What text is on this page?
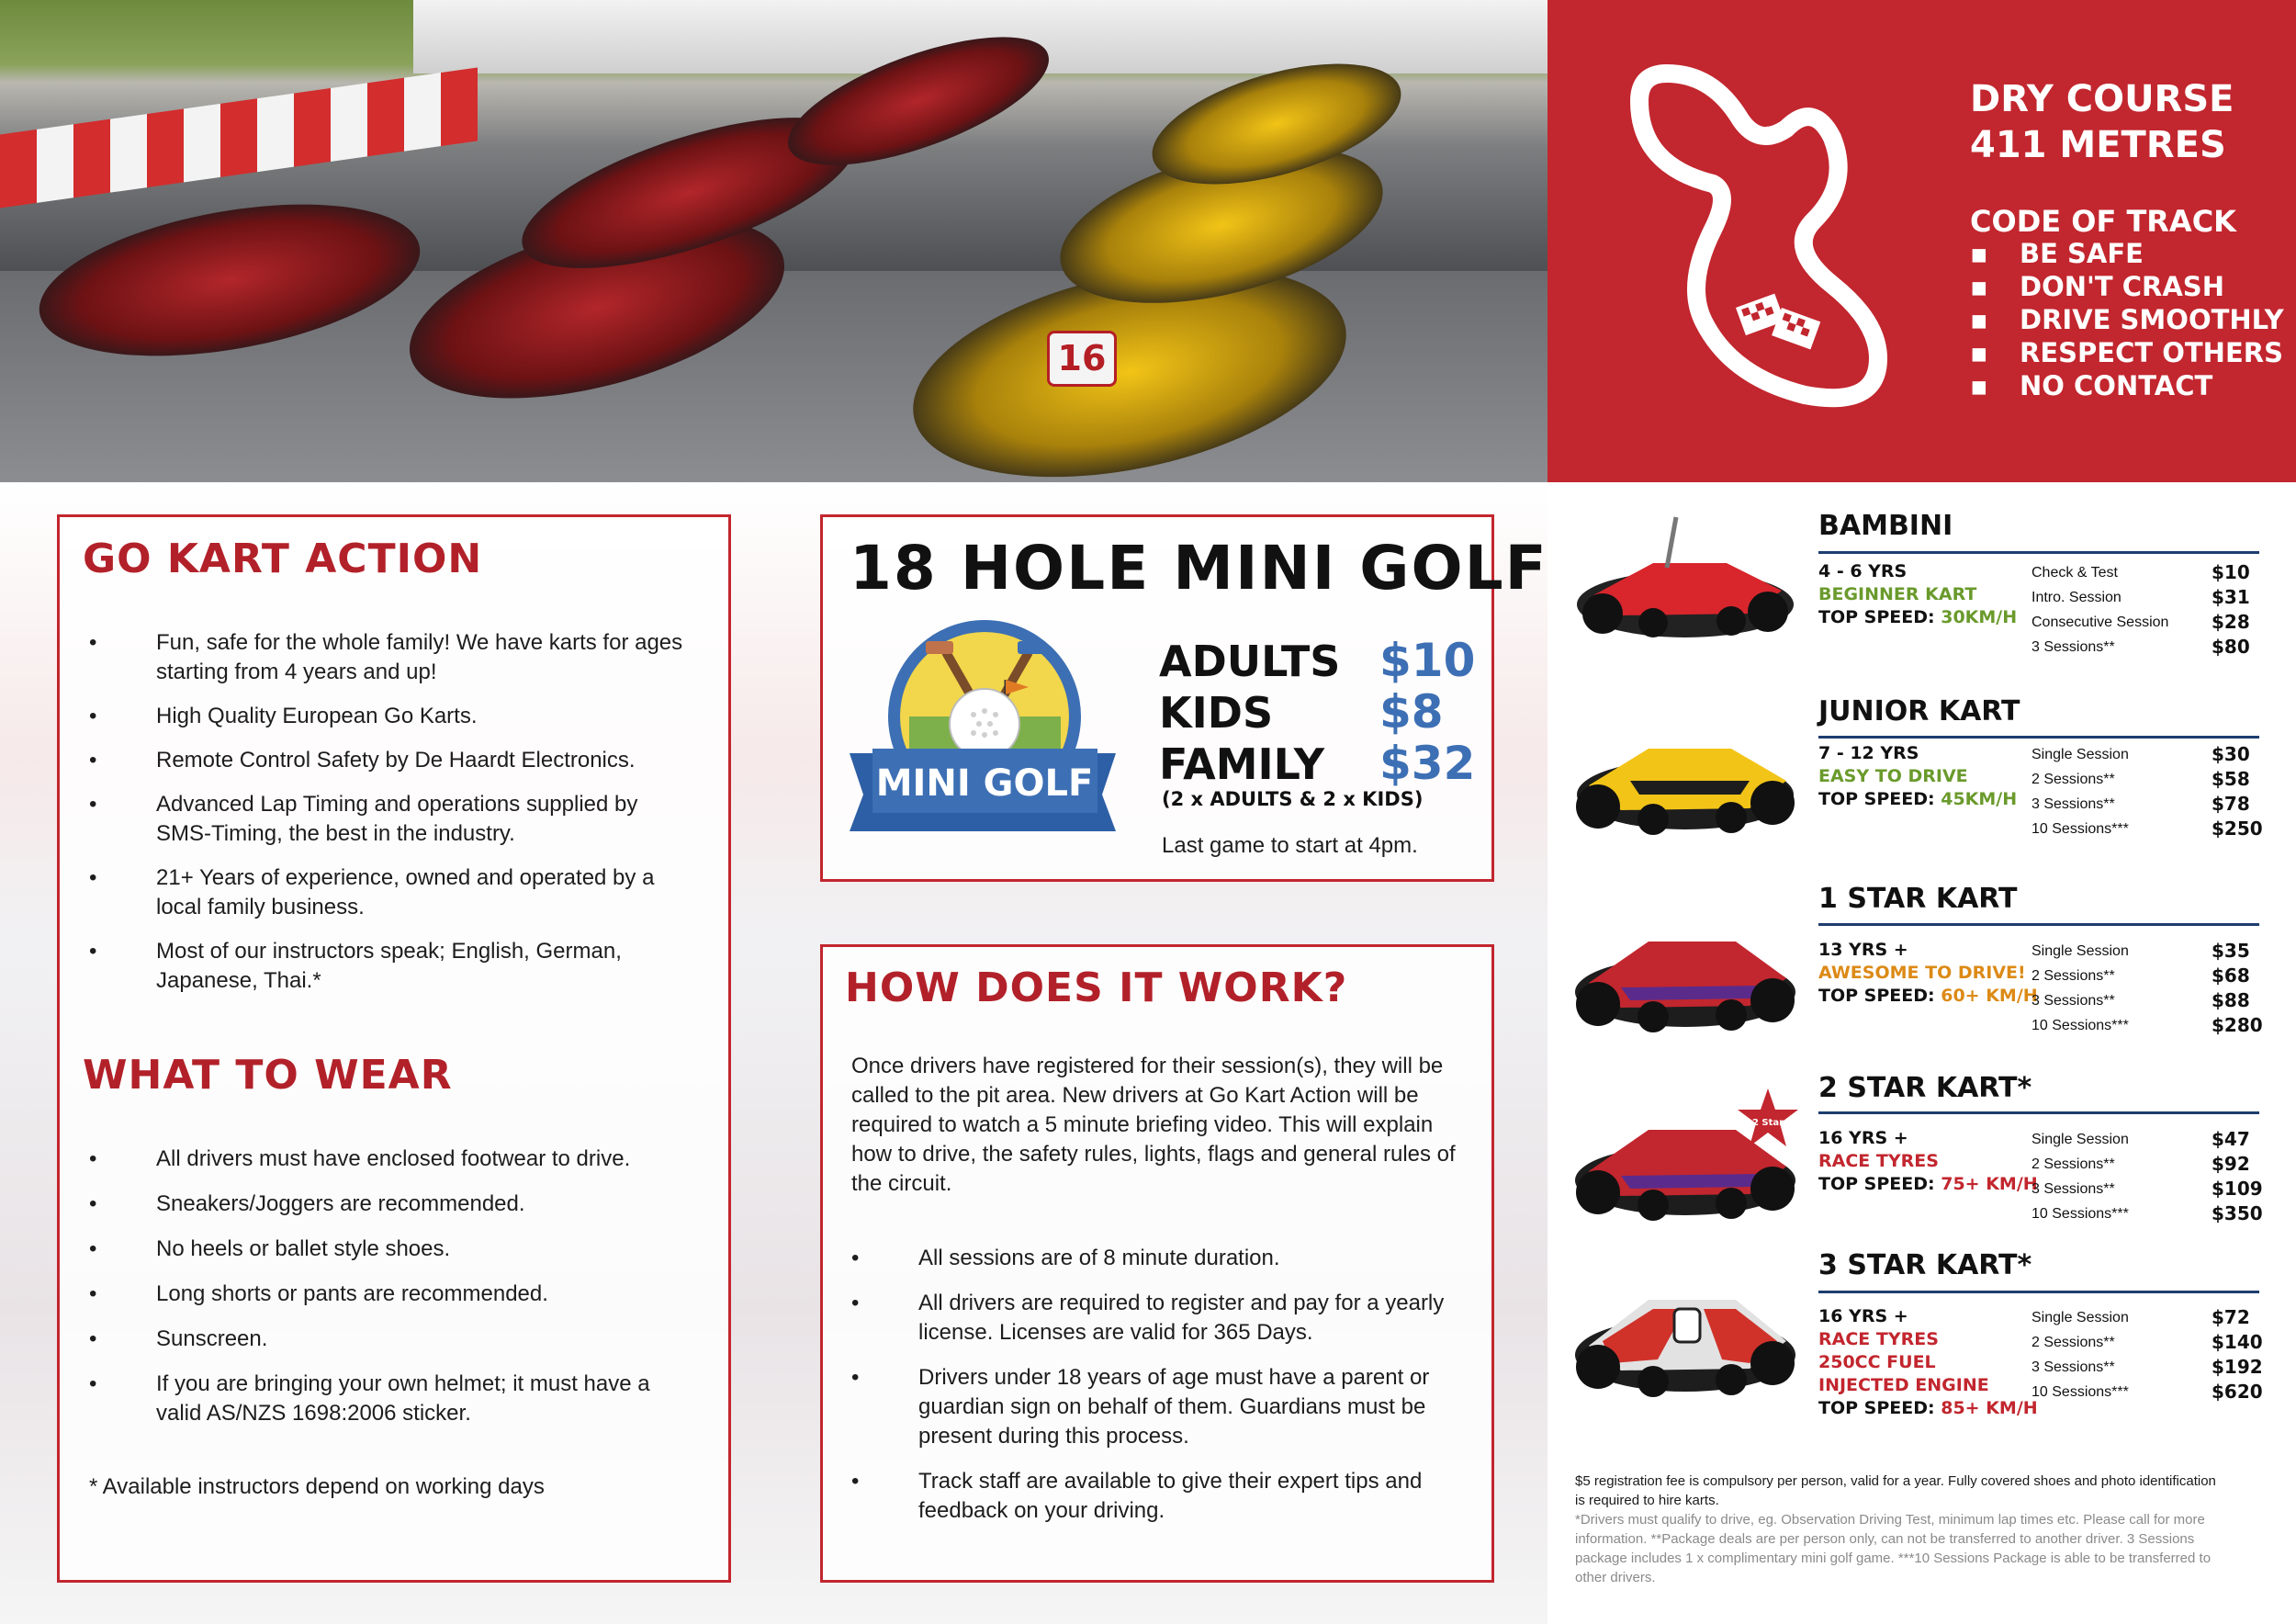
16
DRY COURSE
411 METRES
CODE OF TRACK
▪ BE SAFE
▪ DON'T CRASH
▪ DRIVE SMOOTHLY
▪ RESPECT OTHERS
▪ NO CONTACT
GO KART ACTION
• Fun, safe for the whole family! We have karts for ages starting from 4 years and up!
• High Quality European Go Karts.
• Remote Control Safety by De Haardt Electronics.
• Advanced Lap Timing and operations supplied by SMS-Timing, the best in the industry.
• 21+ Years of experience, owned and operated by a local family business.
• Most of our instructors speak; English, German, Japanese, Thai.*
WHAT TO WEAR
• All drivers must have enclosed footwear to drive.
• Sneakers/Joggers are recommended.
• No heels or ballet style shoes.
• Long shorts or pants are recommended.
• Sunscreen.
• If you are bringing your own helmet; it must have a valid AS/NZS 1698:2006 sticker.
* Available instructors depend on working days
18 HOLE MINI GOLF
MINI GOLF
ADULTS $10
KIDS $8
FAMILY $32
(2 x ADULTS & 2 x KIDS)
Last game to start at 4pm.
HOW DOES IT WORK?
Once drivers have registered for their session(s), they will be called to the pit area. New drivers at Go Kart Action will be required to watch a 5 minute briefing video. This will explain how to drive, the safety rules, lights, flags and general rules of the circuit.
• All sessions are of 8 minute duration.
• All drivers are required to register and pay for a yearly license. Licenses are valid for 365 Days.
• Drivers under 18 years of age must have a parent or guardian sign on behalf of them. Guardians must be present during this process.
• Track staff are available to give their expert tips and feedback on your driving.
BAMBINI
4 - 6 YRS
BEGINNER KART
TOP SPEED: 30KM/H
Check & Test
Intro. Session
Consecutive Session
3 Sessions**
$10
$31
$28
$80
JUNIOR KART
7 - 12 YRS
EASY TO DRIVE
TOP SPEED: 45KM/H
Single Session
2 Sessions**
3 Sessions**
10 Sessions***
$30
$58
$78
$250
1 STAR KART
13 YRS +
AWESOME TO DRIVE!
TOP SPEED: 60+ KM/H
Single Session
2 Sessions**
3 Sessions**
10 Sessions***
$35
$68
$88
$280
2 Star
2 STAR KART*
16 YRS +
RACE TYRES
TOP SPEED: 75+ KM/H
Single Session
2 Sessions**
3 Sessions**
10 Sessions***
$47
$92
$109
$350
3 STAR KART*
16 YRS +
RACE TYRES
250CC FUEL
INJECTED ENGINE
TOP SPEED: 85+ KM/H
Single Session
2 Sessions**
3 Sessions**
10 Sessions***
$72
$140
$192
$620
$5 registration fee is compulsory per person, valid for a year. Fully covered shoes and photo identification is required to hire karts.
*Drivers must qualify to drive, eg. Observation Driving Test, minimum lap times etc. Please call for more information. **Package deals are per person only, can not be transferred to another driver. 3 Sessions package includes 1 x complimentary mini golf game. ***10 Sessions Package is able to be transferred to other drivers.
